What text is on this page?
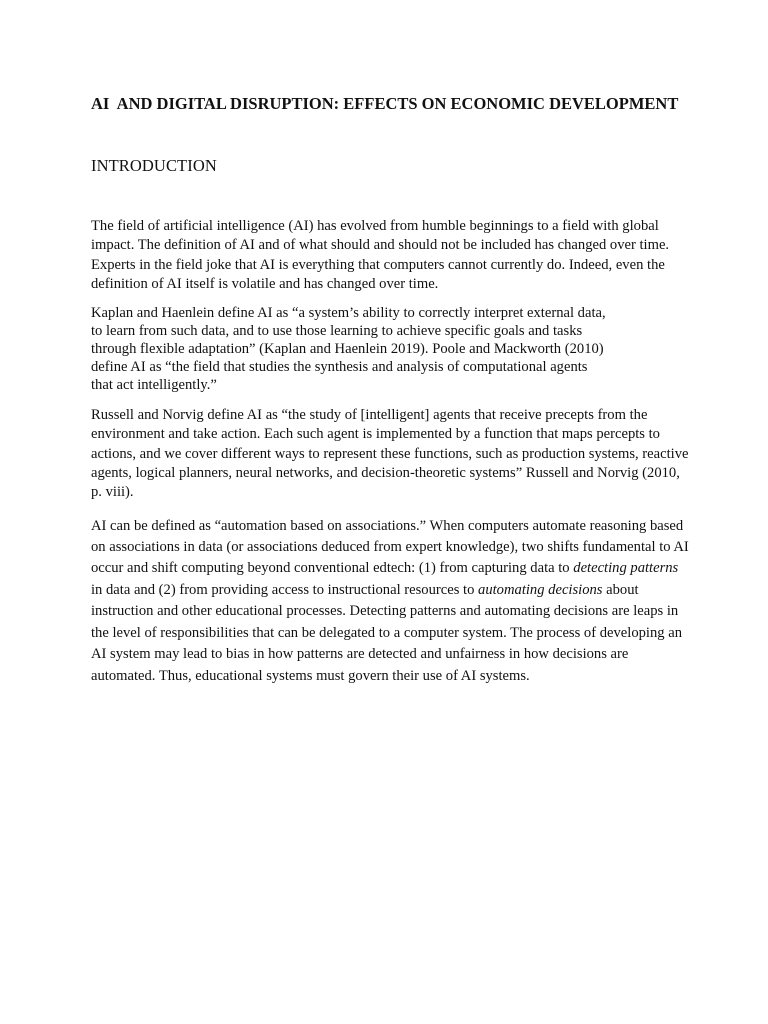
AI  AND DIGITAL DISRUPTION: EFFECTS ON ECONOMIC DEVELOPMENT
INTRODUCTION

The field of artificial intelligence (AI) has evolved from humble beginnings to a field with global impact. The definition of AI and of what should and should not be included has changed over time. Experts in the field joke that AI is everything that computers cannot currently do. Indeed, even the definition of AI itself is volatile and has changed over time.

Kaplan and Haenlein define AI as “a system’s ability to correctly interpret external data, to learn from such data, and to use those learning to achieve specific goals and tasks through flexible adaptation” (Kaplan and Haenlein 2019). Poole and Mackworth (2010) define AI as “the field that studies the synthesis and analysis of computational agents that act intelligently.”

Russell and Norvig define AI as “the study of [intelligent] agents that receive precepts from the environment and take action. Each such agent is implemented by a function that maps percepts to actions, and we cover different ways to represent these functions, such as production systems, reactive agents, logical planners, neural networks, and decision-theoretic systems” Russell and Norvig (2010, p. viii).

AI can be defined as “automation based on associations.” When computers automate reasoning based on associations in data (or associations deduced from expert knowledge), two shifts fundamental to AI occur and shift computing beyond conventional edtech: (1) from capturing data to detecting patterns in data and (2) from providing access to instructional resources to automating decisions about instruction and other educational processes. Detecting patterns and automating decisions are leaps in the level of responsibilities that can be delegated to a computer system. The process of developing an AI system may lead to bias in how patterns are detected and unfairness in how decisions are automated. Thus, educational systems must govern their use of AI systems.
